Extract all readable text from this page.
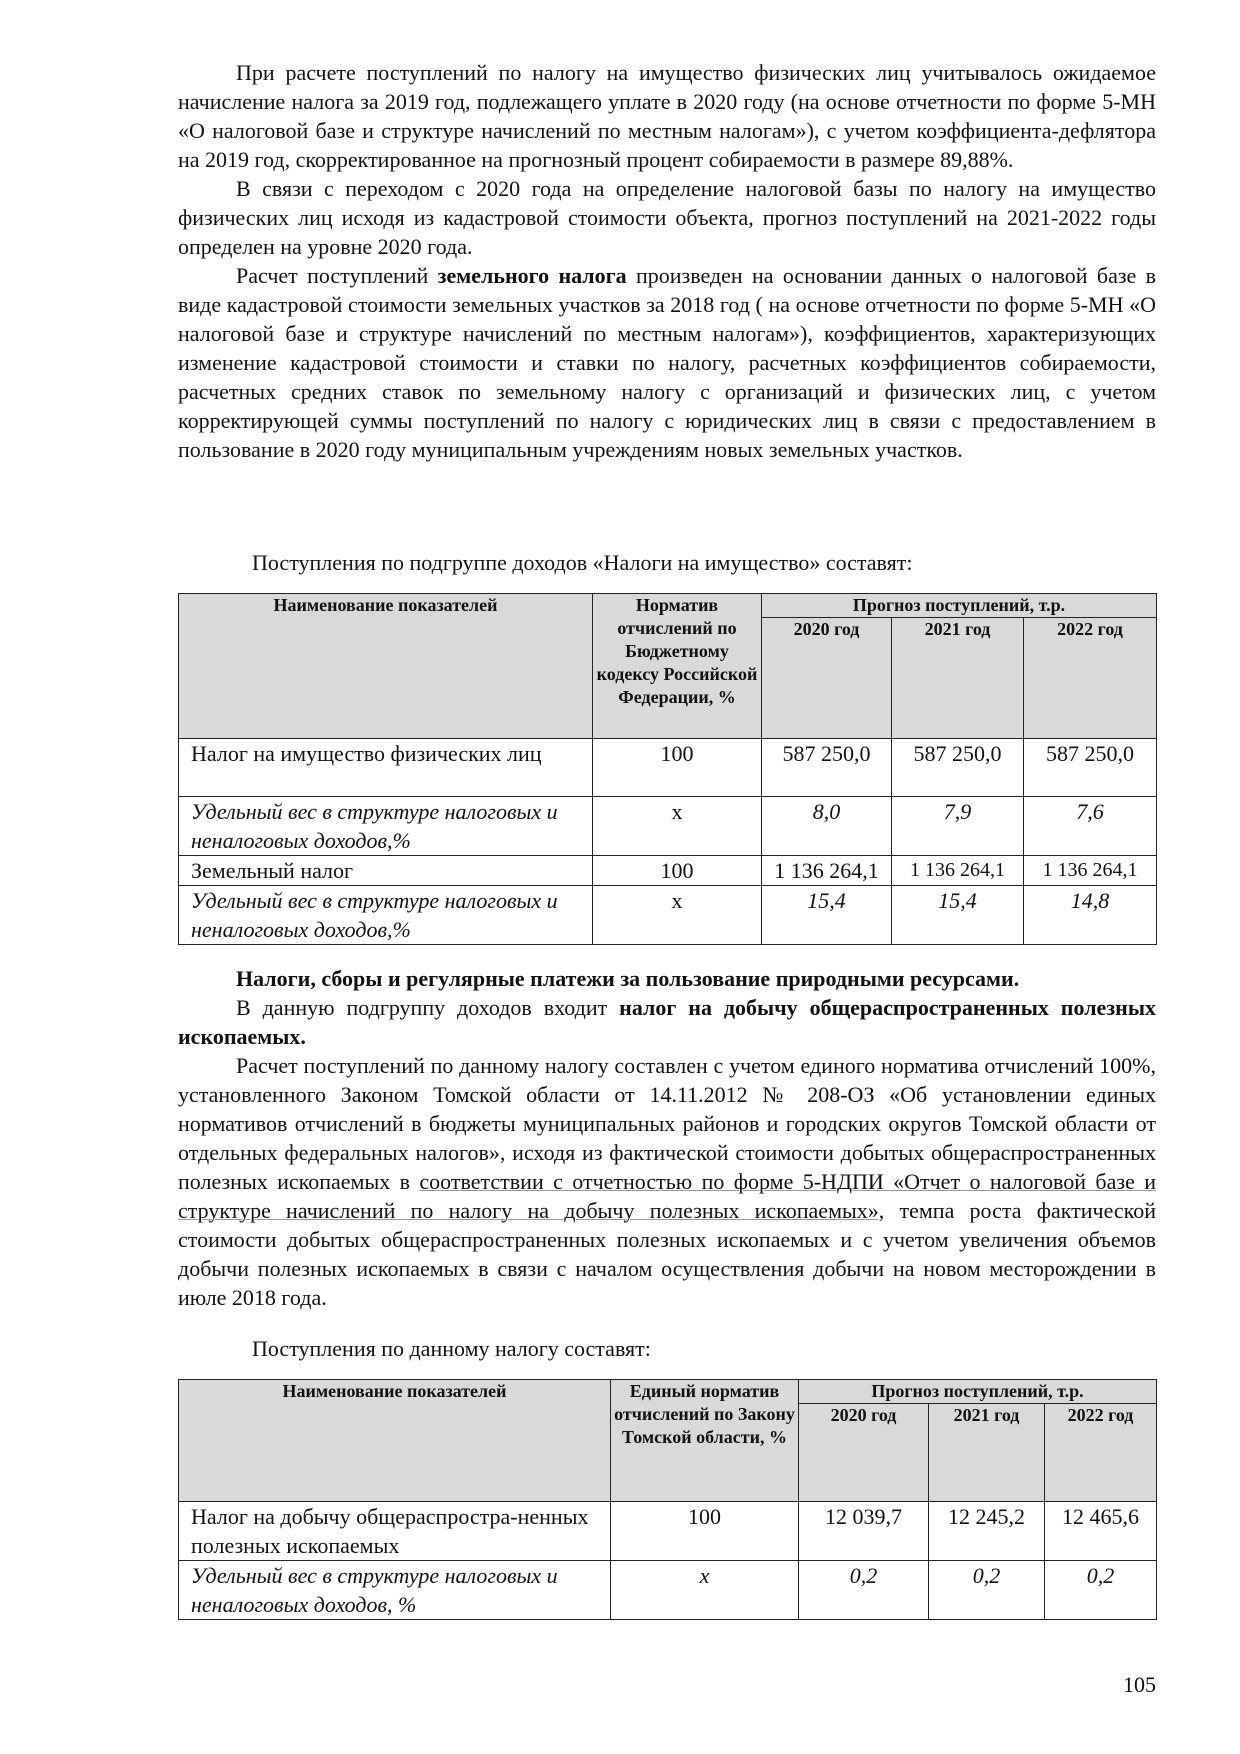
При расчете поступлений по налогу на имущество физических лиц учитывалось ожидаемое начисление налога за 2019 год, подлежащего уплате в 2020 году (на основе отчетности по форме 5-МН «О налоговой базе и структуре начислений по местным налогам»), с учетом коэффициента-дефлятора на 2019 год, скорректированное на прогнозный процент собираемости в размере 89,88%.

В связи с переходом с 2020 года на определение налоговой базы по налогу на имущество физических лиц исходя из кадастровой стоимости объекта, прогноз поступлений на 2021-2022 годы определен на уровне 2020 года.

Расчет поступлений земельного налога произведен на основании данных о налоговой базе в виде кадастровой стоимости земельных участков за 2018 год ( на основе отчетности по форме 5-МН «О налоговой базе и структуре начислений по местным налогам»), коэффициентов, характеризующих изменение кадастровой стоимости и ставки по налогу, расчетных коэффициентов собираемости, расчетных средних ставок по земельному налогу с организаций и физических лиц, с учетом корректирующей суммы поступлений по налогу с юридических лиц в связи с предоставлением в пользование в 2020 году муниципальным учреждениям новых земельных участков.

Поступления по подгруппе доходов «Налоги на имущество» составят:
Наименование показателей	Норматив отчислений по Бюджетному кодексу Российской Федерации, %	Прогноз поступлений, т.р.		
		2020 год	2021 год	2022 год
Налог на имущество физических лиц	100	587 250,0	587 250,0	587 250,0
Удельный вес в структуре налоговых и неналоговых доходов,%	x	8,0	7,9	7,6
Земельный налог	100	1 136 264,1	1 136 264,1	1 136 264,1
Удельный вес в структуре налоговых и неналоговых доходов,%	x	15,4	15,4	14,8

Налоги, сборы и регулярные платежи за пользование природными ресурсами.

В данную подгруппу доходов входит налог на добычу общераспространенных полезных ископаемых.

Расчет поступлений по данному налогу составлен с учетом единого норматива отчислений 100%, установленного Законом Томской области от 14.11.2012 № 208-ОЗ «Об установлении единых нормативов отчислений в бюджеты муниципальных районов и городских округов Томской области от отдельных федеральных налогов», исходя из фактической стоимости добытых общераспространенных полезных ископаемых в соответствии с отчетностью по форме 5-НДПИ «Отчет о налоговой базе и структуре начислений по налогу на добычу полезных ископаемых», темпа роста фактической стоимости добытых общераспространенных полезных ископаемых и с учетом увеличения объемов добычи полезных ископаемых в связи с началом осуществления добычи на новом месторождении в июле 2018 года.

Поступления по данному налогу составят:
Наименование показателей	Единый норматив отчислений по Закону Томской области, %	Прогноз поступлений, т.р.		
		2020 год	2021 год	2022 год
Налог на добычу общераспростра-ненных полезных ископаемых	100	12 039,7	12 245,2	12 465,6
Удельный вес в структуре налоговых и неналоговых доходов, %	x	0,2	0,2	0,2
105
